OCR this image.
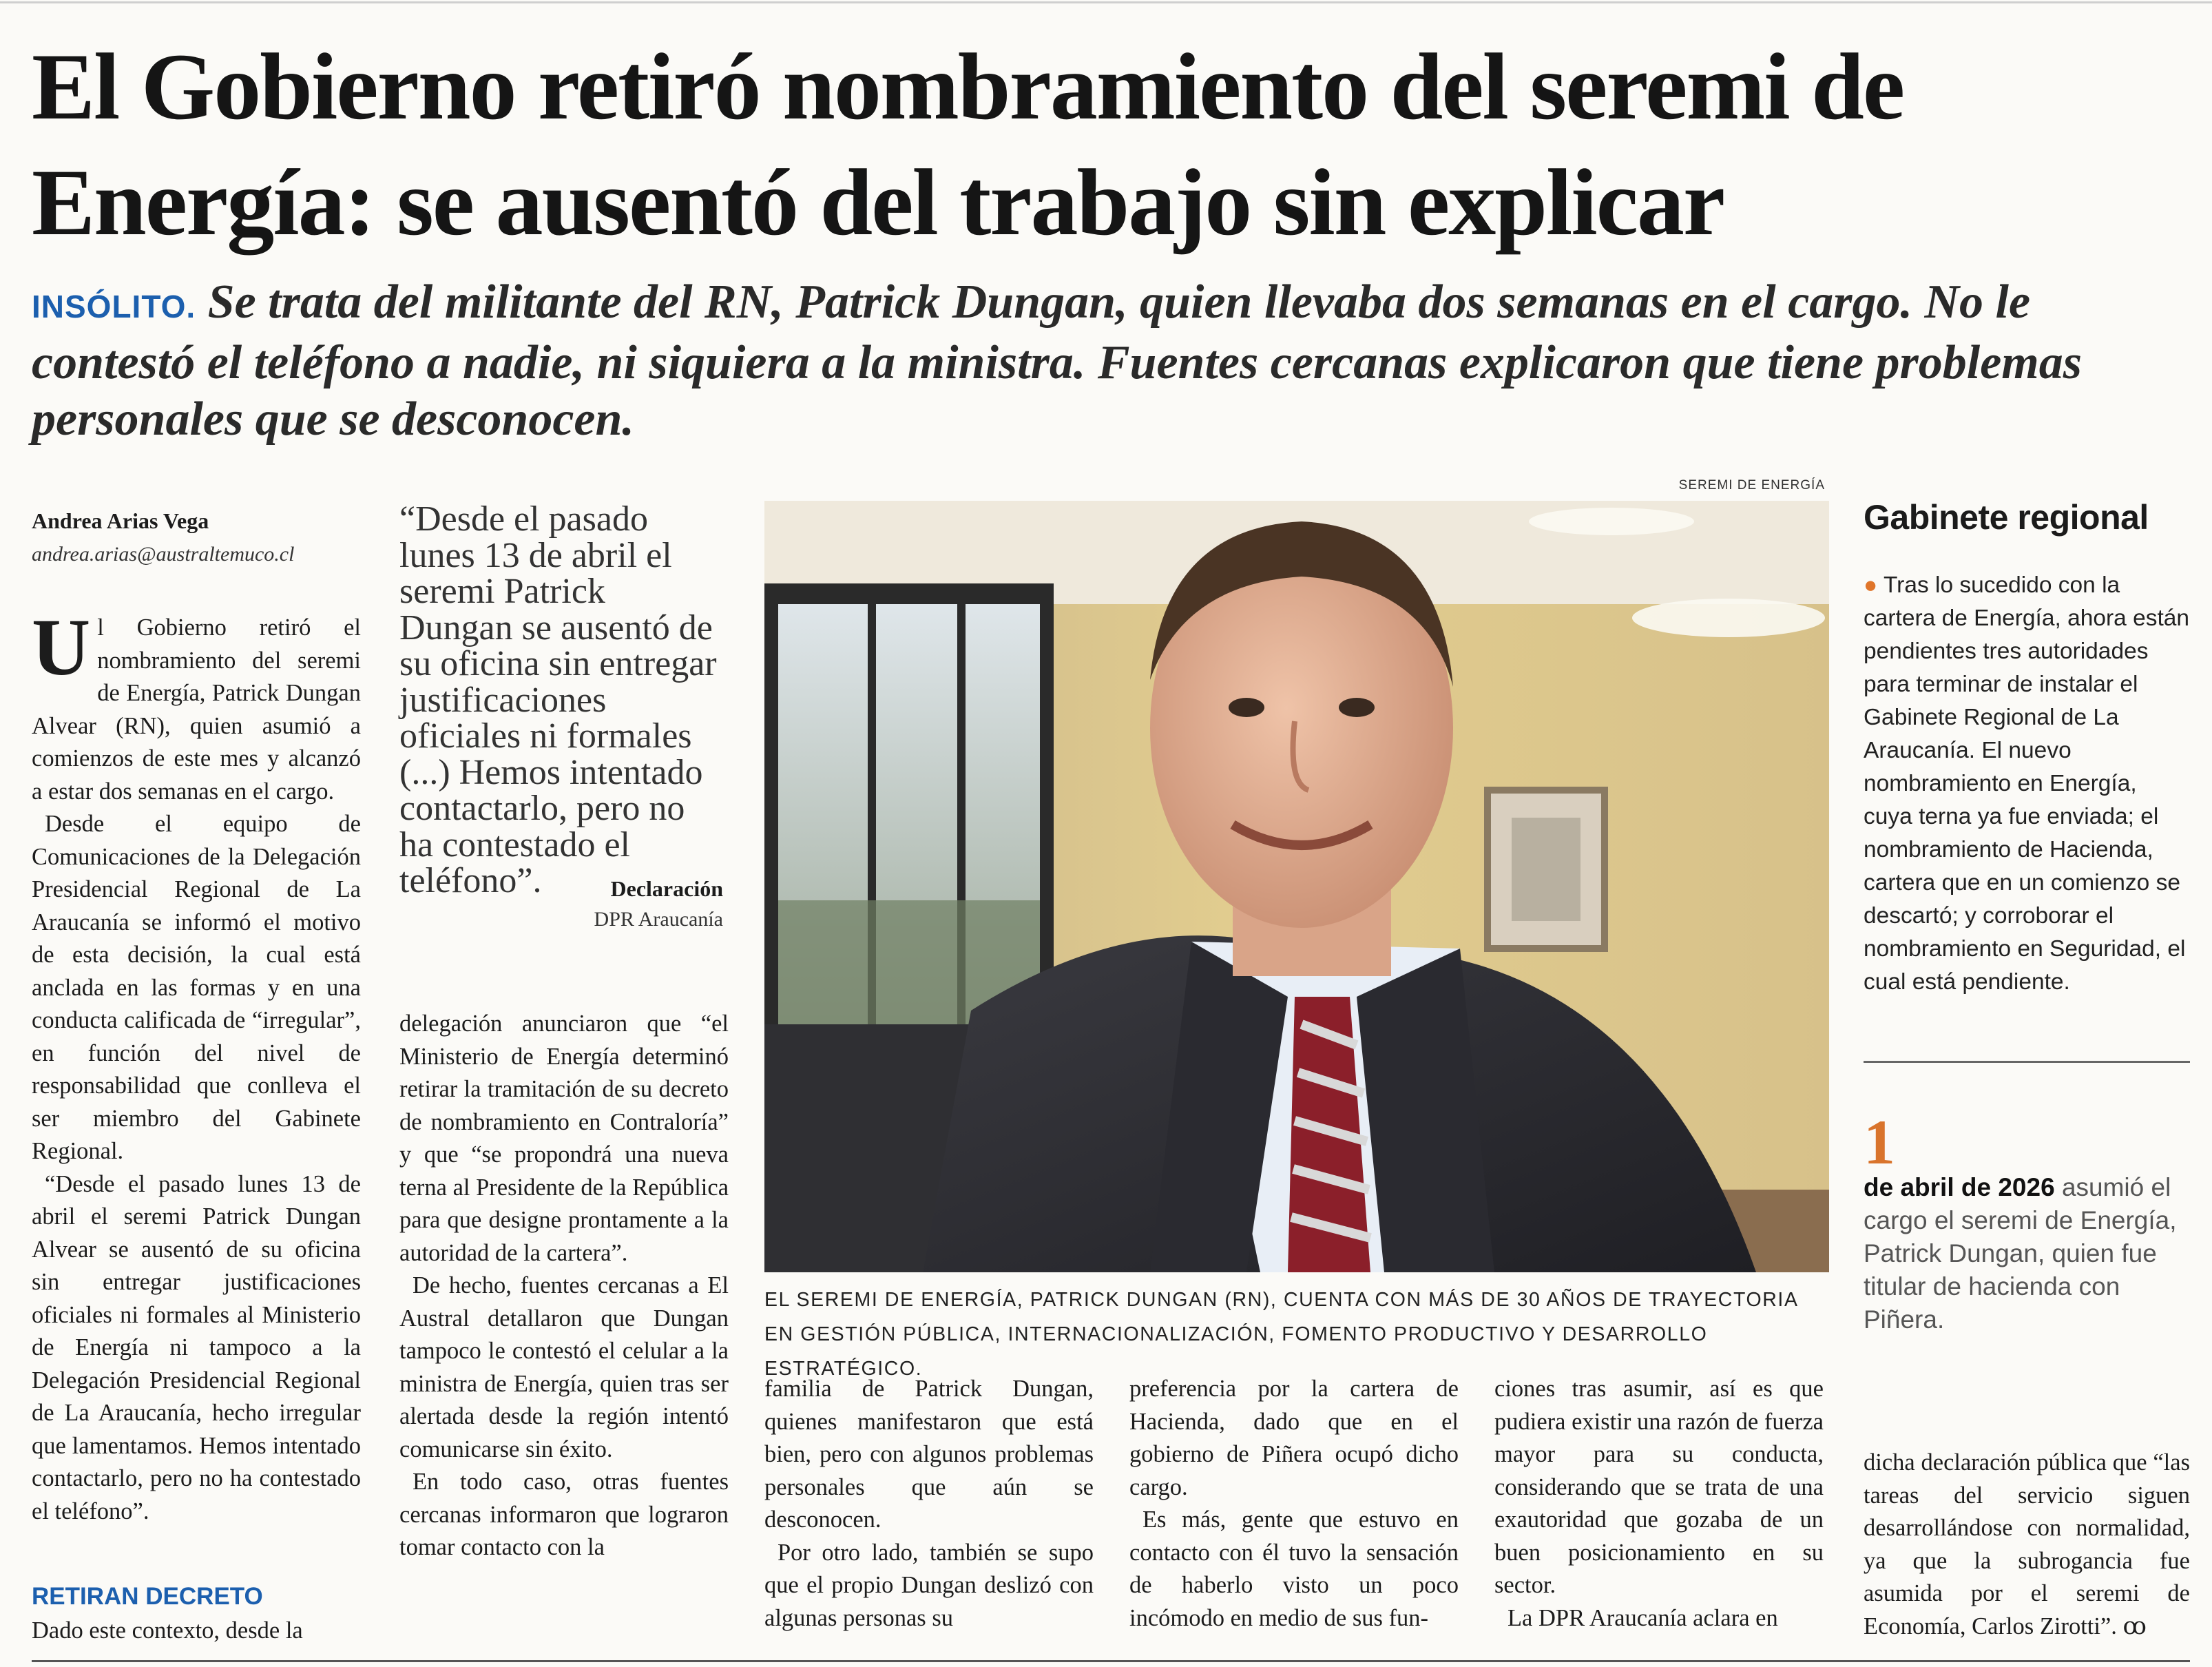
El Gobierno retiró nombramiento del seremi de Energía: se ausentó del trabajo sin explicar
INSÓLITO. Se trata del militante del RN, Patrick Dungan, quien llevaba dos semanas en el cargo. No le contestó el teléfono a nadie, ni siquiera a la ministra. Fuentes cercanas explicaron que tiene problemas personales que se desconocen.
Andrea Arias Vega
andrea.arias@australtemuco.cl

Ul Gobierno retiró el nombramiento del seremi de Energía, Patrick Dungan Alvear (RN), quien asumió a comienzos de este mes y alcanzó a estar dos semanas en el cargo.

Desde el equipo de Comunicaciones de la Delegación Presidencial Regional de La Araucanía se informó el motivo de esta decisión, la cual está anclada en las formas y en una conducta calificada de “irregular”, en función del nivel de responsabilidad que conlleva el ser miembro del Gabinete Regional.

“Desde el pasado lunes 13 de abril el seremi Patrick Dungan Alvear se ausentó de su oficina sin entregar justificaciones oficiales ni formales al Ministerio de Energía ni tampoco a la Delegación Presidencial Regional de La Araucanía, hecho irregular que lamentamos. Hemos intentado contactarlo, pero no ha contestado el teléfono”.

RETIRAN DECRETO

Dado este contexto, desde la

“Desde el pasado lunes 13 de abril el seremi Patrick Dungan se ausentó de su oficina sin entregar justificaciones oficiales ni formales (...) Hemos intentado contactarlo, pero no ha contestado el teléfono”.	Declaración
DPR Araucanía

delegación anunciaron que “el Ministerio de Energía determinó retirar la tramitación de su decreto de nombramiento en Contraloría” y que “se propondrá una nueva terna al Presidente de la República para que designe prontamente a la autoridad de la cartera”.

De hecho, fuentes cercanas a El Austral detallaron que Dungan tampoco le contestó el celular a la ministra de Energía, quien tras ser alertada desde la región intentó comunicarse sin éxito.

En todo caso, otras fuentes cercanas informaron que lograron tomar contacto con la

SEREMI DE ENERGÍA
EL SEREMI DE ENERGÍA, PATRICK DUNGAN (RN), CUENTA CON MÁS DE 30 AÑOS DE TRAYECTORIA EN GESTIÓN PÚBLICA, INTERNACIONALIZACIÓN, FOMENTO PRODUCTIVO Y DESARROLLO ESTRATÉGICO.

familia de Patrick Dungan, quienes manifestaron que está bien, pero con algunos problemas personales que aún se desconocen.

Por otro lado, también se supo que el propio Dungan deslizó con algunas personas su

preferencia por la cartera de Hacienda, dado que en el gobierno de Piñera ocupó dicho cargo.

Es más, gente que estuvo en contacto con él tuvo la sensación de haberlo visto un poco incómodo en medio de sus fun-

ciones tras asumir, así es que pudiera existir una razón de fuerza mayor para su conducta, considerando que se trata de una exautoridad que gozaba de un buen posicionamiento en su sector.

La DPR Araucanía aclara en

Gabinete regional
● Tras lo sucedido con la cartera de Energía, ahora están pendientes tres autoridades para terminar de instalar el Gabinete Regional de La Araucanía. El nuevo nombramiento en Energía, cuya terna ya fue enviada; el nombramiento de Hacienda, cartera que en un comienzo se descartó; y corroborar el nombramiento en Seguridad, el cual está pendiente.
1
de abril de 2026 asumió el cargo el seremi de Energía, Patrick Dungan, quien fue titular de hacienda con Piñera.

dicha declaración pública que “las tareas del servicio siguen desarrollándose con normalidad, ya que la subrogancia fue asumida por el seremi de Economía, Carlos Zirotti”. ꝏ
